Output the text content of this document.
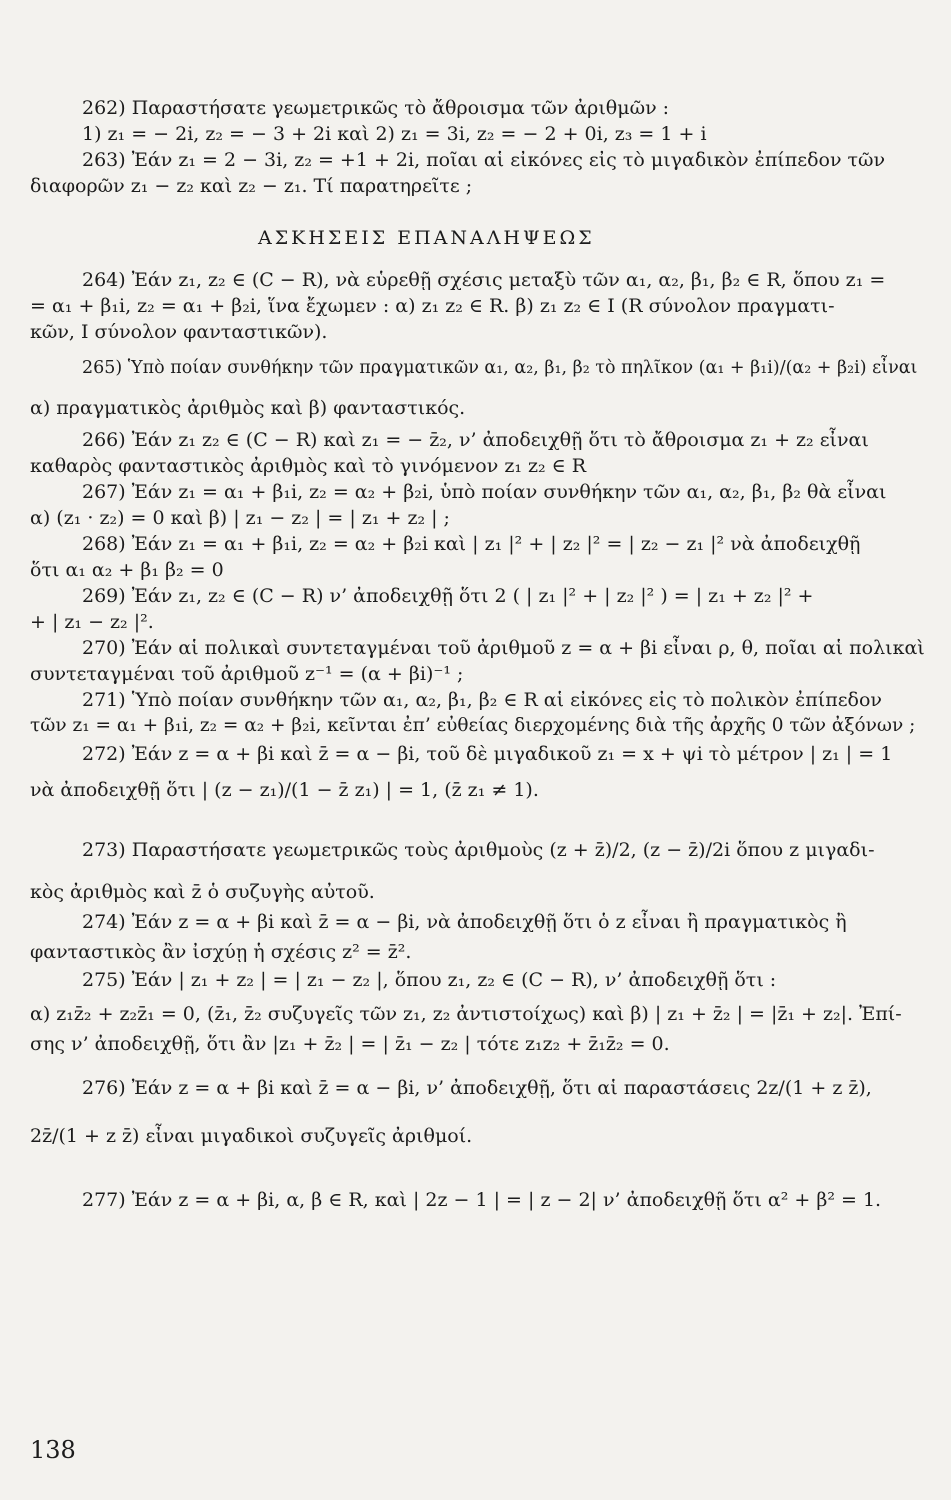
262) Παραστήσατε γεωμετρικῶς τὸ ἄθροισμα τῶν ἀριθμῶν :
1) z₁ = − 2i, z₂ = − 3 + 2i καὶ 2) z₁ = 3i, z₂ = − 2 + 0i, z₃ = 1 + i
263) Ἐάν z₁ = 2 − 3i, z₂ = +1 + 2i, ποῖαι αἱ εἰκόνες εἰς τὸ μιγαδικὸν ἐπίπεδον τῶν
διαφορῶν z₁ − z₂ καὶ z₂ − z₁. Τί παρατηρεῖτε ;
264) Ἐάν z₁, z₂ ∈ (C − R), νὰ εὑρεθῇ σχέσις μεταξὺ τῶν α₁, α₂, β₁, β₂ ∈ R, ὅπου z₁ =
= α₁ + β₁i, z₂ = α₁ + β₂i, ἵνα ἔχωμεν : α) z₁ z₂ ∈ R. β) z₁ z₂ ∈ I (R σύνολον πραγματι-
κῶν, I σύνολον φανταστικῶν).
265) Ὑπὸ ποίαν συνθήκην τῶν πραγματικῶν α₁, α₂, β₁, β₂ τὸ πηλῖκον (α₁ + β₁i)/(α₂ + β₂i) εἶναι
α) πραγματικὸς ἀριθμὸς καὶ β) φανταστικός.
266) Ἐάν z₁ z₂ ∈ (C − R) καὶ z₁ = − z̄₂, ν’ ἀποδειχθῇ ὅτι τὸ ἄθροισμα z₁ + z₂ εἶναι
καθαρὸς φανταστικὸς ἀριθμὸς καὶ τὸ γινόμενον z₁ z₂ ∈ R
267) Ἐάν z₁ = α₁ + β₁i, z₂ = α₂ + β₂i, ὑπὸ ποίαν συνθήκην τῶν α₁, α₂, β₁, β₂ θὰ εἶναι
α) (z₁ · z₂) = 0 καὶ β) | z₁ − z₂ | = | z₁ + z₂ | ;
268) Ἐάν z₁ = α₁ + β₁i, z₂ = α₂ + β₂i καὶ | z₁ |² + | z₂ |² = | z₂ − z₁ |² νὰ ἀποδειχθῇ
ὅτι α₁ α₂ + β₁ β₂ = 0
269) Ἐάν z₁, z₂ ∈ (C − R) ν’ ἀποδειχθῇ ὅτι 2 ( | z₁ |² + | z₂ |² ) = | z₁ + z₂ |² +
+ | z₁ − z₂ |².
270) Ἐάν αἱ πολικαὶ συντεταγμέναι τοῦ ἀριθμοῦ z = α + βi εἶναι ρ, θ, ποῖαι αἱ πολικαὶ
συντεταγμέναι τοῦ ἀριθμοῦ z⁻¹ = (α + βi)⁻¹ ;
271) Ὑπὸ ποίαν συνθήκην τῶν α₁, α₂, β₁, β₂ ∈ R αἱ εἰκόνες εἰς τὸ πολικὸν ἐπίπεδον
τῶν z₁ = α₁ + β₁i, z₂ = α₂ + β₂i, κεῖνται ἐπ’ εὐθείας διερχομένης διὰ τῆς ἀρχῆς 0 τῶν ἀξόνων ;
272) Ἐάν z = α + βi καὶ z̄ = α − βi, τοῦ δὲ μιγαδικοῦ z₁ = x + ψi τὸ μέτρον | z₁ | = 1
νὰ ἀποδειχθῇ ὅτι | (z − z₁)/(1 − z̄ z₁) | = 1, (z̄ z₁ ≠ 1).
273) Παραστήσατε γεωμετρικῶς τοὺς ἀριθμοὺς (z + z̄)/2, (z − z̄)/2i ὅπου z μιγαδι-
κὸς ἀριθμὸς καὶ z̄ ὁ συζυγὴς αὐτοῦ.
274) Ἐάν z = α + βi καὶ z̄ = α − βi, νὰ ἀποδειχθῇ ὅτι ὁ z εἶναι ἢ πραγματικὸς ἢ
φανταστικὸς ἂν ἰσχύῃ ἡ σχέσις z² = z̄².
275) Ἐάν | z₁ + z₂ | = | z₁ − z₂ |, ὅπου z₁, z₂ ∈ (C − R), ν’ ἀποδειχθῇ ὅτι :
α) z₁z̄₂ + z₂z̄₁ = 0, (z̄₁, z̄₂ συζυγεῖς τῶν z₁, z₂ ἀντιστοίχως) καὶ β) | z₁ + z̄₂ | = |z̄₁ + z₂|. Ἐπί-
σης ν’ ἀποδειχθῇ, ὅτι ἂν |z₁ + z̄₂ | = | z̄₁ − z₂ | τότε z₁z₂ + z̄₁z̄₂ = 0.
276) Ἐάν z = α + βi καὶ z̄ = α − βi, ν’ ἀποδειχθῇ, ὅτι αἱ παραστάσεις 2z/(1 + z z̄),
2z̄/(1 + z z̄) εἶναι μιγαδικοὶ συζυγεῖς ἀριθμοί.
277) Ἐάν z = α + βi, α, β ∈ R, καὶ | 2z − 1 | = | z − 2| ν’ ἀποδειχθῇ ὅτι α² + β² = 1.
ΑΣΚΗΣΕΙΣ ΕΠΑΝΑΛΗΨΕΩΣ
138
